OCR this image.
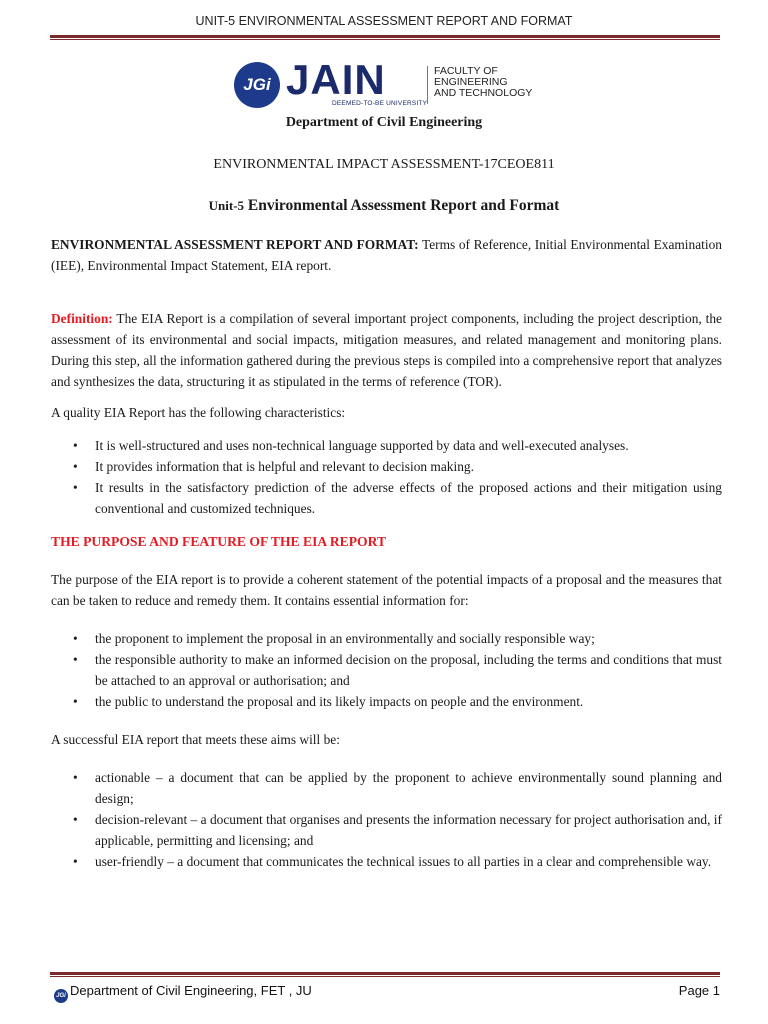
UNIT-5 ENVIRONMENTAL ASSESSMENT REPORT AND FORMAT
JGi JAIN
DEEMED-TO-BE UNIVERSITY
FACULTY OF
ENGINEERING
AND TECHNOLOGY
Department of Civil Engineering
ENVIRONMENTAL IMPACT ASSESSMENT-17CEOE811
Unit-5 Environmental Assessment Report and Format

ENVIRONMENTAL ASSESSMENT REPORT AND FORMAT: Terms of Reference, Initial Environmental Examination (IEE), Environmental Impact Statement, EIA report.

Definition: The EIA Report is a compilation of several important project components, including the project description, the assessment of its environmental and social impacts, mitigation measures, and related management and monitoring plans. During this step, all the information gathered during the previous steps is compiled into a comprehensive report that analyzes and synthesizes the data, structuring it as stipulated in the terms of reference (TOR).

A quality EIA Report has the following characteristics:

• It is well-structured and uses non-technical language supported by data and well-executed analyses.
• It provides information that is helpful and relevant to decision making.
• It results in the satisfactory prediction of the adverse effects of the proposed actions and their mitigation using conventional and customized techniques.

THE PURPOSE AND FEATURE OF THE EIA REPORT

The purpose of the EIA report is to provide a coherent statement of the potential impacts of a proposal and the measures that can be taken to reduce and remedy them. It contains essential information for:

• the proponent to implement the proposal in an environmentally and socially responsible way;
• the responsible authority to make an informed decision on the proposal, including the terms and conditions that must be attached to an approval or authorisation; and
• the public to understand the proposal and its likely impacts on people and the environment.

A successful EIA report that meets these aims will be:

• actionable – a document that can be applied by the proponent to achieve environmentally sound planning and design;
• decision-relevant – a document that organises and presents the information necessary for project authorisation and, if applicable, permitting and licensing; and
• user-friendly – a document that communicates the technical issues to all parties in a clear and comprehensible way.
JGi Department of Civil Engineering, FET , JU	Page 1
